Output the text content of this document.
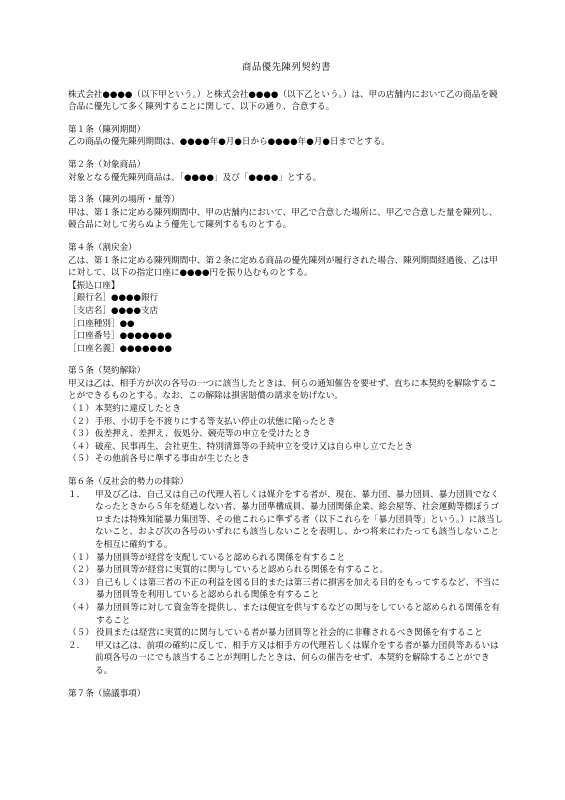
商品優先陳列契約書

株式会社●●●●（以下甲という。）と株式会社●●●●（以下乙という。）は、甲の店舗内において乙の商品を競合品に優先して多く陳列することに関して、以下の通り、合意する。

第１条（陳列期間）

乙の商品の優先陳列期間は、●●●●年●月●日から●●●●年●月●日までとする。

第２条（対象商品）

対象となる優先陳列商品は、「●●●●」及び「●●●●」とする。

第３条（陳列の場所・量等）

甲は、第１条に定める陳列期間中、甲の店舗内において、甲乙で合意した場所に、甲乙で合意した量を陳列し、競合品に対して劣らぬよう優先して陳列するものとする。

第４条（割戻金）

乙は、第１条に定める陳列期間中、第２条に定める商品の優先陳列が履行された場合、陳列期間経過後、乙は甲に対して、以下の指定口座に●●●●円を振り込むものとする。

【振込口座】

［銀行名］●●●●銀行

［支店名］●●●●支店

［口座種別］●●

［口座番号］●●●●●●●

［口座名義］●●●●●●●

第５条（契約解除）

甲又は乙は、相手方が次の各号の一つに該当したときは、何らの通知催告を要せず、直ちに本契約を解除することができるものとする。なお、この解除は損害賠償の請求を妨げない。

（１） 本契約に違反したとき
（２） 手形、小切手を不渡りにする等支払い停止の状態に陥ったとき
（３） 仮差押え、差押え、仮処分、競売等の申立を受けたとき
（４） 破産、民事再生、会社更生、特別清算等の手続申立を受け又は自ら申し立てたとき
（５） その他前各号に準ずる事由が生じたとき

第６条（反社会的勢力の排除）

１．	甲及び乙は、自己又は自己の代理人若しくは媒介をする者が、現在、暴力団、暴力団員、暴力団員でなくなったときから５年を経過しない者、暴力団準構成員、暴力団関係企業、総会屋等、社会運動等標ぼうゴロまたは特殊知能暴力集団等、その他これらに準ずる者（以下これらを「暴力団員等」という。）に該当しないこと、および次の各号のいずれにも該当しないことを表明し、かつ将来にわたっても該当しないことを相互に確約する。
（１） 暴力団員等が経営を支配していると認められる関係を有すること
（２） 暴力団員等が経営に実質的に関与していると認められる関係を有すること。
（３） 自己もしくは第三者の不正の利益を図る目的または第三者に損害を加える目的をもってするなど、不当に暴力団員等を利用していると認められる関係を有すること
（４） 暴力団員等に対して資金等を提供し、または便宜を供与するなどの関与をしていると認められる関係を有すること
（５） 役員または経営に実質的に関与している者が暴力団員等と社会的に非難されるべき関係を有すること
２．	甲又は乙は、前項の確約に反して、相手方又は相手方の代理若しくは媒介をする者が暴力団員等あるいは前項各号の一にでも該当することが判明したときは、何らの催告をせず、本契約を解除することができる。

第７条（協議事項）
